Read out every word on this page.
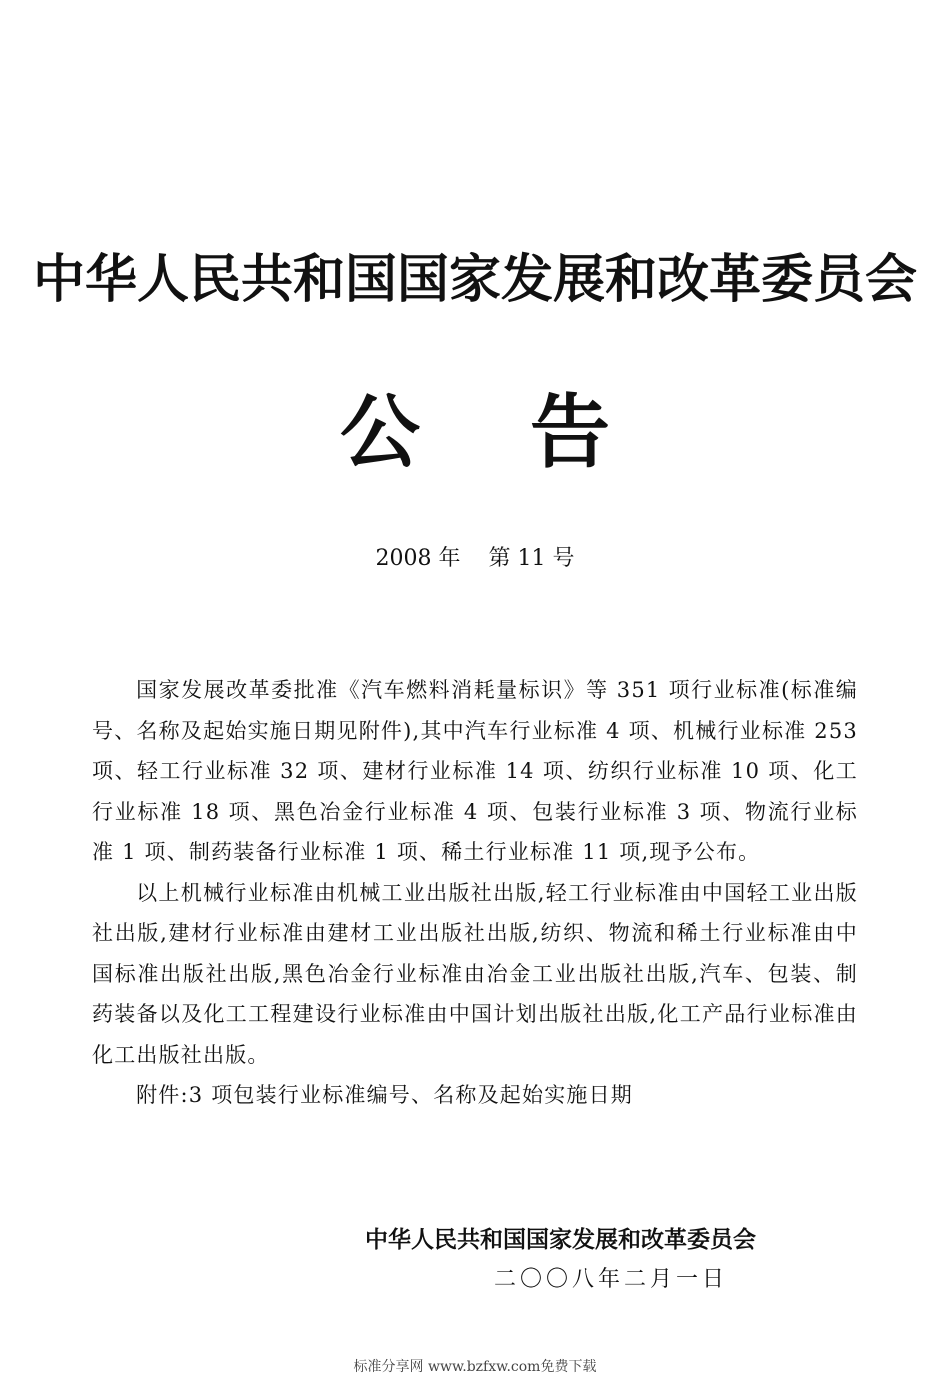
中华人民共和国国家发展和改革委员会
公 告
2008 年 第 11 号

国家发展改革委批准《汽车燃料消耗量标识》等 351 项行业标准(标准编号、名称及起始实施日期见附件),其中汽车行业标准 4 项、机械行业标准 253 项、轻工行业标准 32 项、建材行业标准 14 项、纺织行业标准 10 项、化工行业标准 18 项、黑色冶金行业标准 4 项、包装行业标准 3 项、物流行业标准 1 项、制药装备行业标准 1 项、稀土行业标准 11 项,现予公布。

以上机械行业标准由机械工业出版社出版,轻工行业标准由中国轻工业出版社出版,建材行业标准由建材工业出版社出版,纺织、物流和稀土行业标准由中国标准出版社出版,黑色冶金行业标准由冶金工业出版社出版,汽车、包装、制药装备以及化工工程建设行业标准由中国计划出版社出版,化工产品行业标准由化工出版社出版。

附件:3 项包装行业标准编号、名称及起始实施日期

中华人民共和国国家发展和改革委员会
二〇〇八年二月一日
标准分享网 www.bzfxw.com免费下载
